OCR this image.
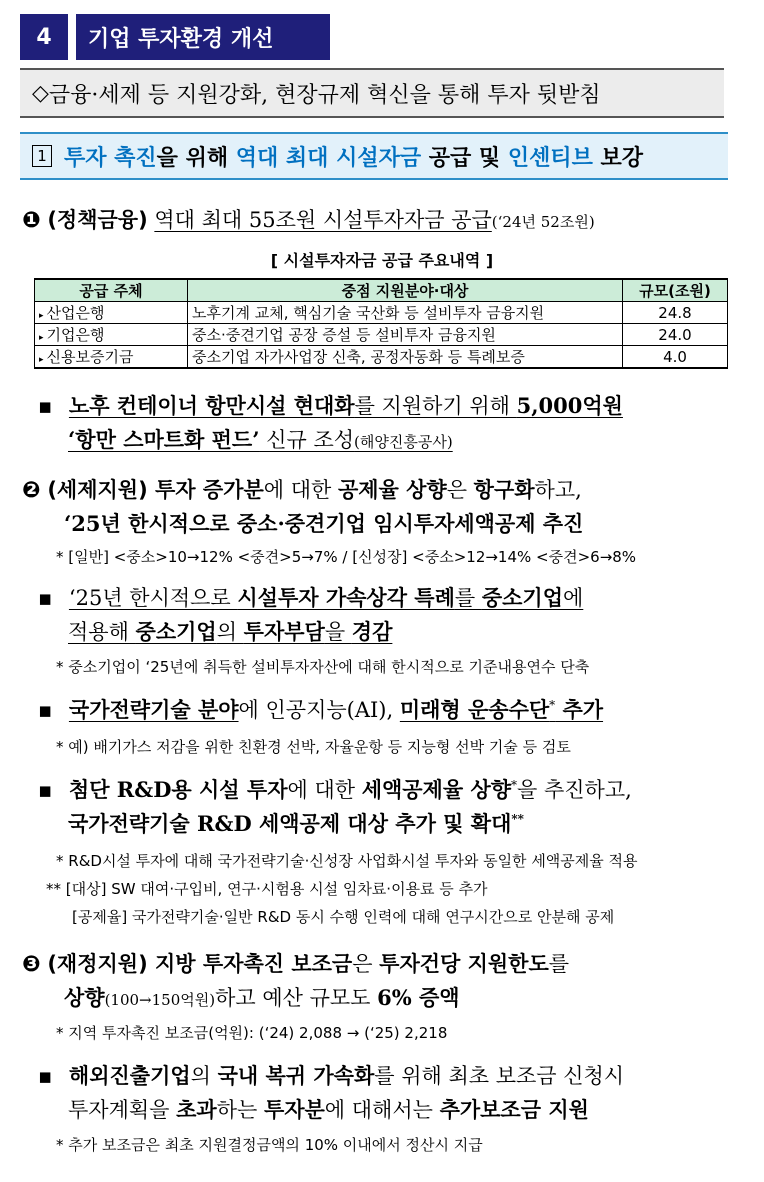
4	기업 투자환경 개선
◇ 금융·세제 등 지원강화, 현장규제 혁신을 통해 투자 뒷받침
1 투자 촉진을 위해 역대 최대 시설자금 공급 및 인센티브 보강
❶ (정책금융) 역대 최대 55조원 시설투자자금 공급(‘24년 52조원)
[ 시설투자자금 공급 주요내역 ]
공급 주체	중점 지원분야·대상	규모(조원)
▸ 산업은행	노후기계 교체, 핵심기술 국산화 등 설비투자 금융지원	24.8
▸ 기업은행	중소·중견기업 공장 증설 등 설비투자 금융지원	24.0
▸ 신용보증기금	중소기업 자가사업장 신축, 공정자동화 등 특례보증	4.0
▪ 노후 컨테이너 항만시설 현대화를 지원하기 위해 5,000억원
‘항만 스마트화 펀드’ 신규 조성(해양진흥공사)
❷ (세제지원) 투자 증가분에 대한 공제율 상향은 항구화하고,
‘25년 한시적으로 중소·중견기업 임시투자세액공제 추진
* [일반] <중소>10→12% <중견>5→7% / [신성장] <중소>12→14% <중견>6→8%
▪ ‘25년 한시적으로 시설투자 가속상각 특례를 중소기업에
적용해 중소기업의 투자부담을 경감
* 중소기업이 ‘25년에 취득한 설비투자자산에 대해 한시적으로 기준내용연수 단축
▪ 국가전략기술 분야에 인공지능(AI), 미래형 운송수단* 추가
* 예) 배기가스 저감을 위한 친환경 선박, 자율운항 등 지능형 선박 기술 등 검토
▪ 첨단 R&D용 시설 투자에 대한 세액공제율 상향*을 추진하고,
국가전략기술 R&D 세액공제 대상 추가 및 확대**
* R&D시설 투자에 대해 국가전략기술·신성장 사업화시설 투자와 동일한 세액공제율 적용
** [대상] SW 대여·구입비, 연구·시험용 시설 임차료·이용료 등 추가
[공제율] 국가전략기술·일반 R&D 동시 수행 인력에 대해 연구시간으로 안분해 공제
❸ (재정지원) 지방 투자촉진 보조금은 투자건당 지원한도를
상향(100→150억원)하고 예산 규모도 6% 증액
* 지역 투자촉진 보조금(억원): (‘24) 2,088 → (‘25) 2,218
▪ 해외진출기업의 국내 복귀 가속화를 위해 최초 보조금 신청시
투자계획을 초과하는 투자분에 대해서는 추가보조금 지원
* 추가 보조금은 최초 지원결정금액의 10% 이내에서 정산시 지급
